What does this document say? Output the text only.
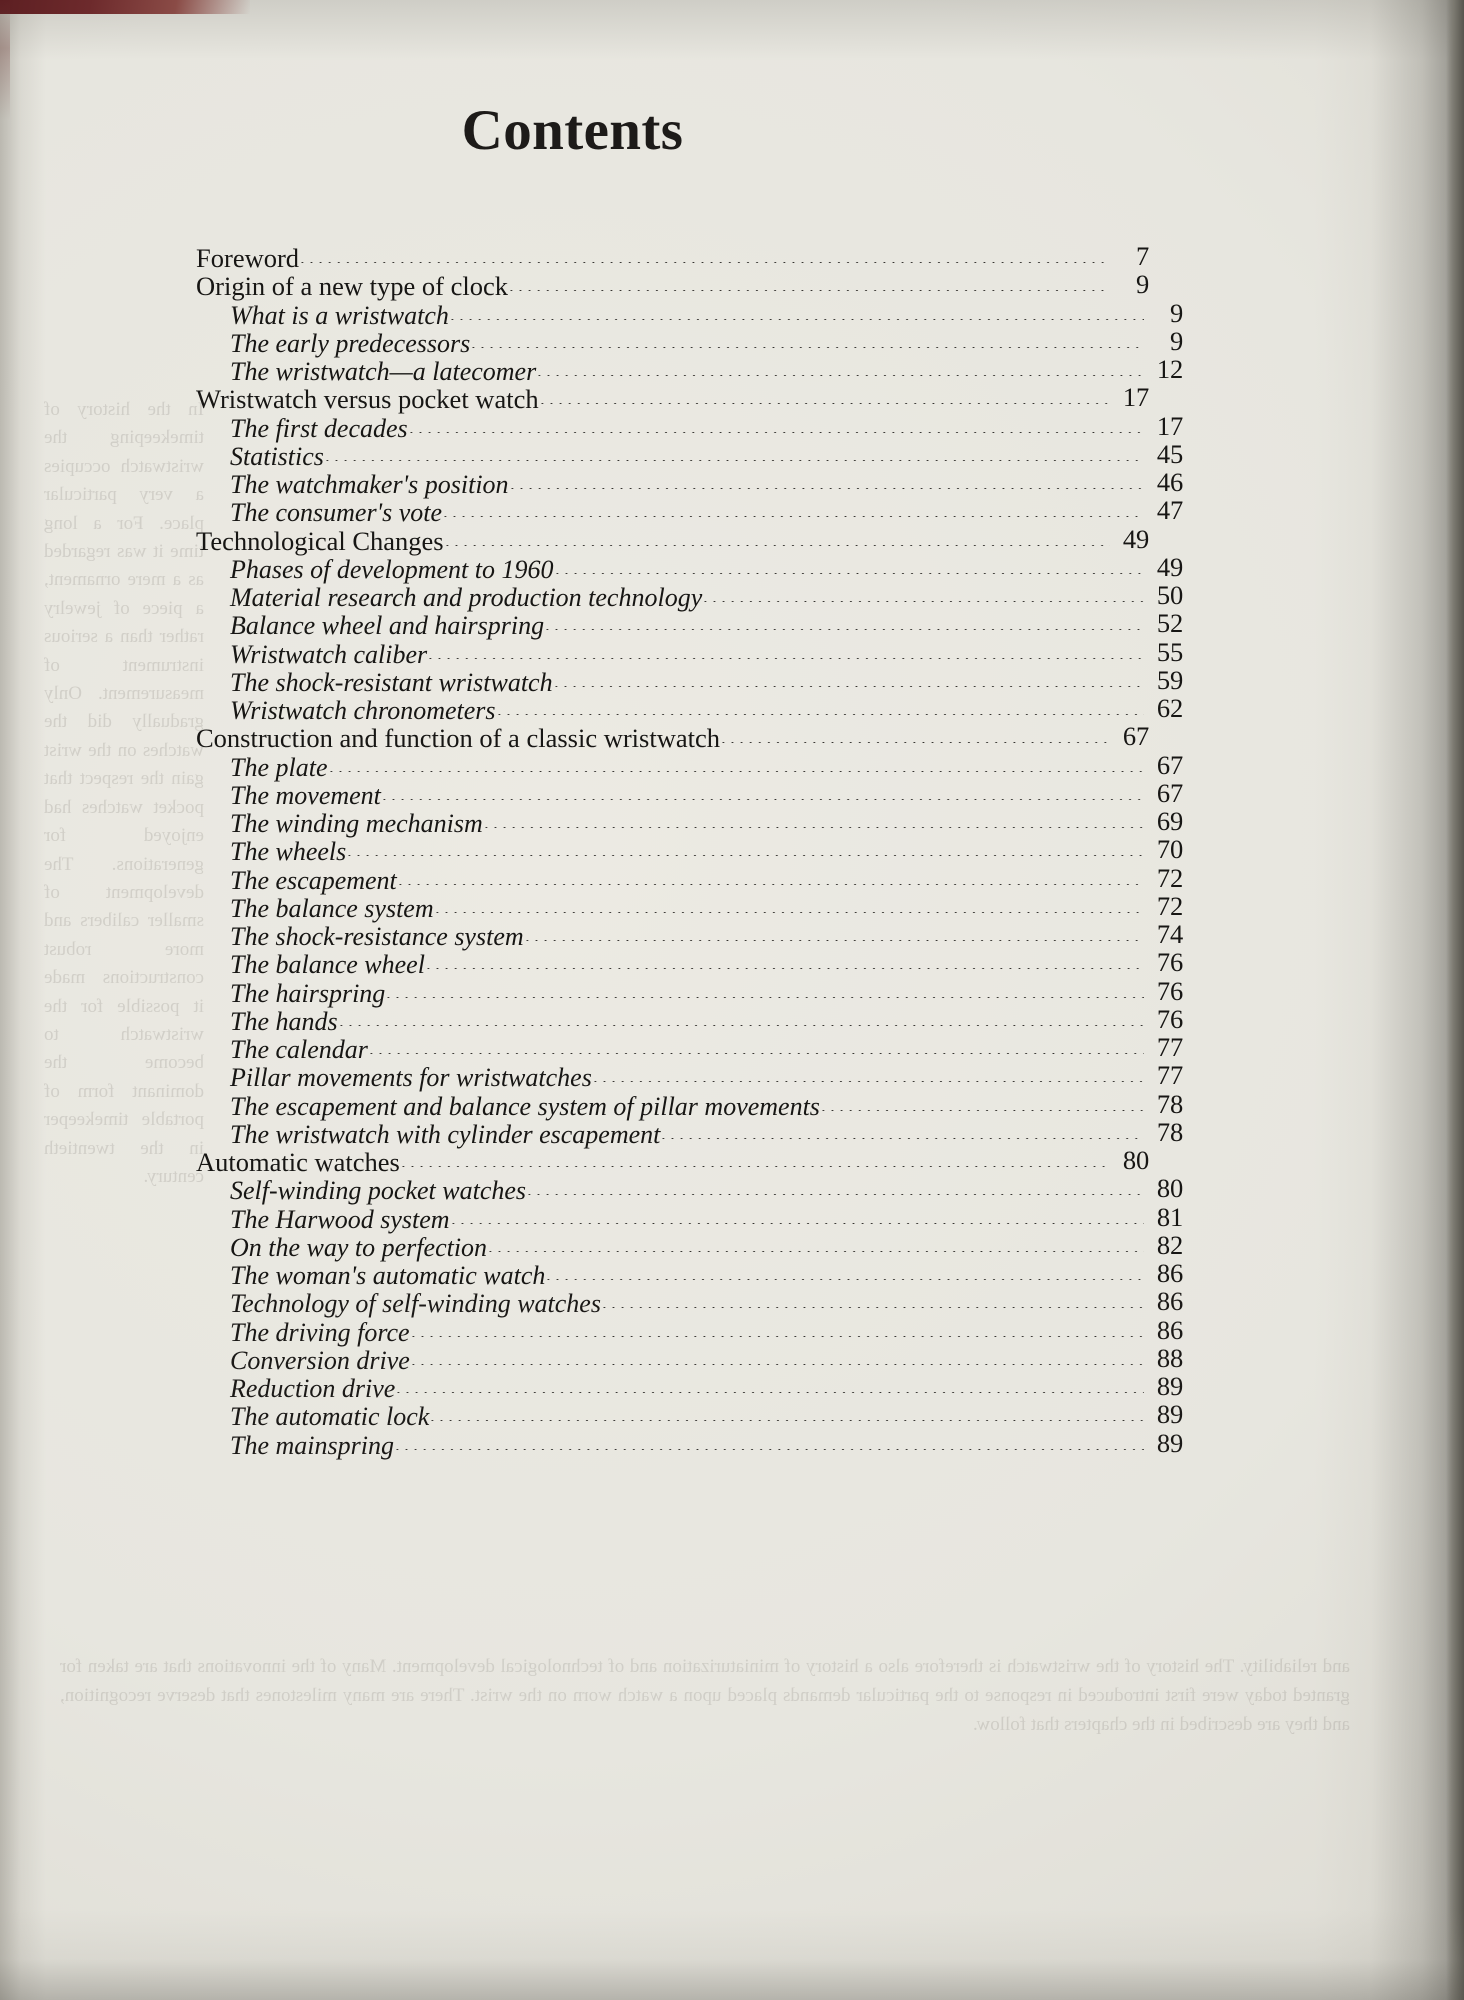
Contents
Foreword	7
Origin of a new type of clock	9
What is a wristwatch	9
The early predecessors	9
The wristwatch—a latecomer	12
Wristwatch versus pocket watch	17
The first decades	17
Statistics	45
The watchmaker's position	46
The consumer's vote	47
Technological Changes	49
Phases of development to 1960	49
Material research and production technology	50
Balance wheel and hairspring	52
Wristwatch caliber	55
The shock-resistant wristwatch	59
Wristwatch chronometers	62
Construction and function of a classic wristwatch	67
The plate	67
The movement	67
The winding mechanism	69
The wheels	70
The escapement	72
The balance system	72
The shock-resistance system	74
The balance wheel	76
The hairspring	76
The hands	76
The calendar	77
Pillar movements for wristwatches	77
The escapement and balance system of pillar movements	78
The wristwatch with cylinder escapement	78
Automatic watches	80
Self-winding pocket watches	80
The Harwood system	81
On the way to perfection	82
The woman's automatic watch	86
Technology of self-winding watches	86
The driving force	86
Conversion drive	88
Reduction drive	89
The automatic lock	89
The mainspring	89
